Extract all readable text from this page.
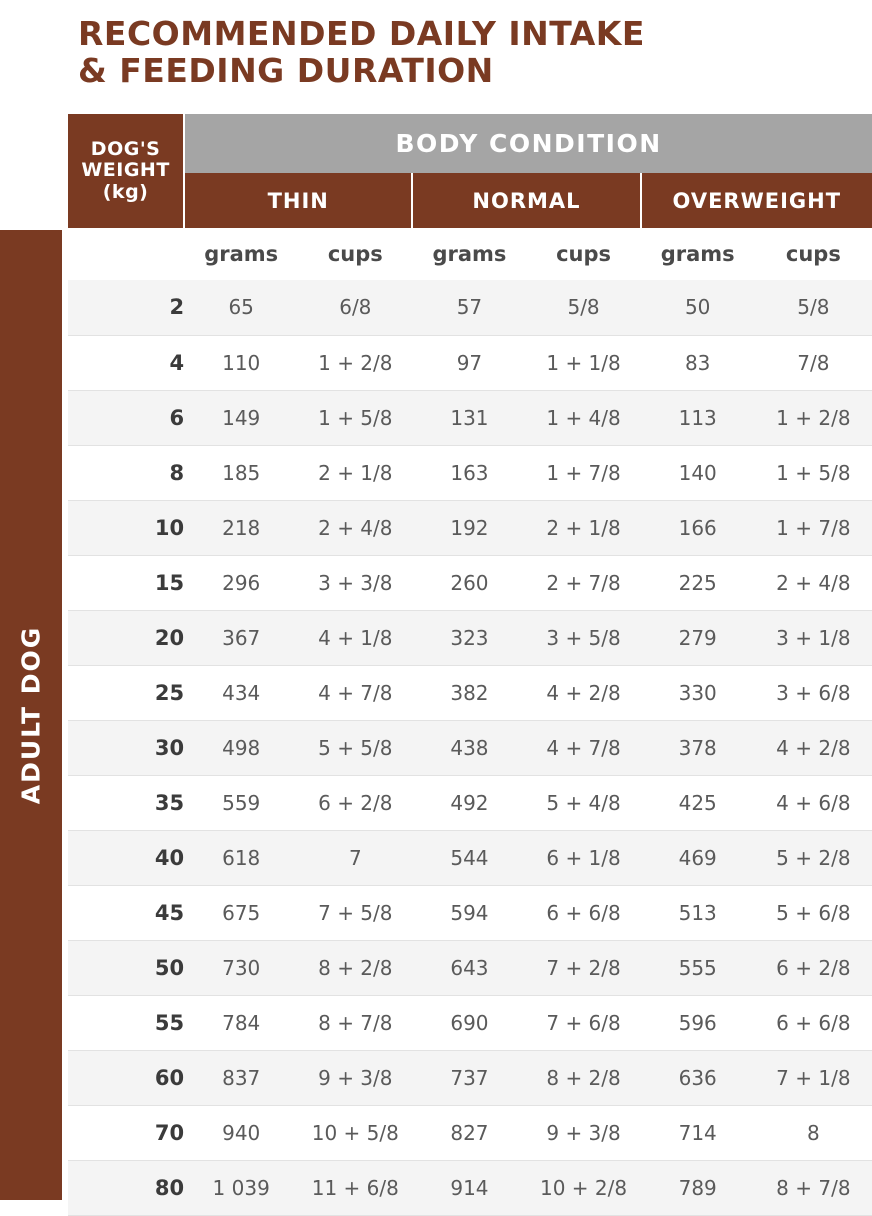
RECOMMENDED DAILY INTAKE
& FEEDING DURATION
ADULT DOG
DOG'S
WEIGHT
(kg)	BODY CONDITION					
	THIN		NORMAL		OVERWEIGHT	
	grams	cups	grams	cups	grams	cups
2	65	6/8	57	5/8	50	5/8
4	110	1 + 2/8	97	1 + 1/8	83	7/8
6	149	1 + 5/8	131	1 + 4/8	113	1 + 2/8
8	185	2 + 1/8	163	1 + 7/8	140	1 + 5/8
10	218	2 + 4/8	192	2 + 1/8	166	1 + 7/8
15	296	3 + 3/8	260	2 + 7/8	225	2 + 4/8
20	367	4 + 1/8	323	3 + 5/8	279	3 + 1/8
25	434	4 + 7/8	382	4 + 2/8	330	3 + 6/8
30	498	5 + 5/8	438	4 + 7/8	378	4 + 2/8
35	559	6 + 2/8	492	5 + 4/8	425	4 + 6/8
40	618	7	544	6 + 1/8	469	5 + 2/8
45	675	7 + 5/8	594	6 + 6/8	513	5 + 6/8
50	730	8 + 2/8	643	7 + 2/8	555	6 + 2/8
55	784	8 + 7/8	690	7 + 6/8	596	6 + 6/8
60	837	9 + 3/8	737	8 + 2/8	636	7 + 1/8
70	940	10 + 5/8	827	9 + 3/8	714	8
80	1 039	11 + 6/8	914	10 + 2/8	789	8 + 7/8
